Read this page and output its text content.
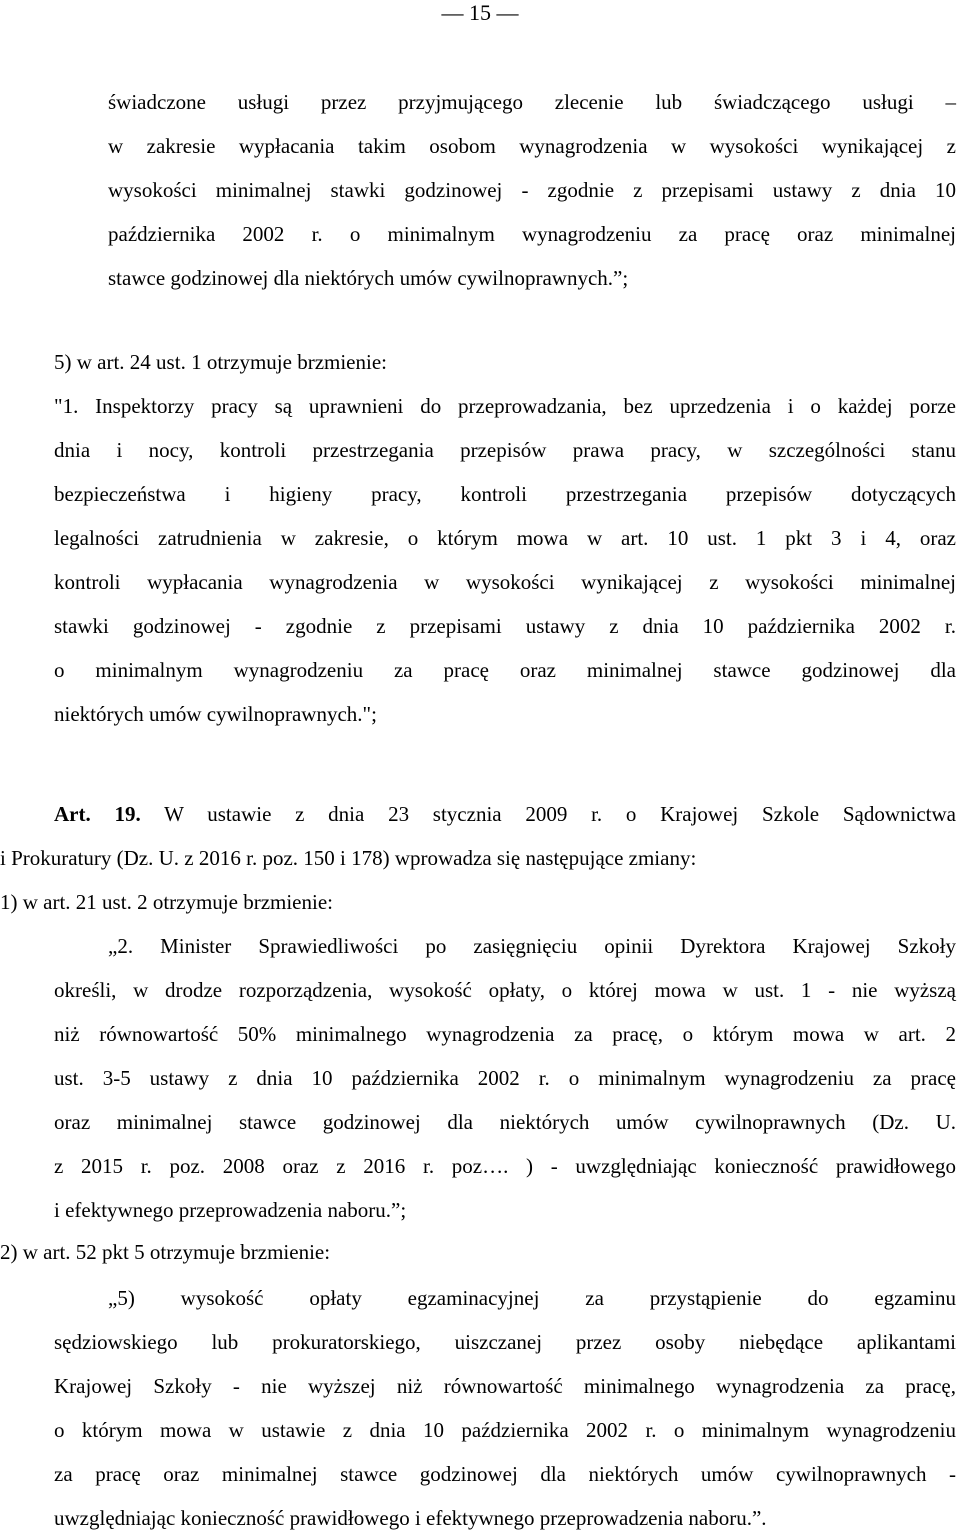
— 15 —
świadczone usługi przez przyjmującego zlecenie lub świadczącego usługi –
w zakresie wypłacania takim osobom wynagrodzenia w wysokości wynikającej z
wysokości minimalnej stawki godzinowej - zgodnie z przepisami ustawy z dnia 10
października 2002 r. o minimalnym wynagrodzeniu za pracę oraz minimalnej
stawce godzinowej dla niektórych umów cywilnoprawnych.”;
5) w art. 24 ust. 1 otrzymuje brzmienie:
"1. Inspektorzy pracy są uprawnieni do przeprowadzania, bez uprzedzenia i o każdej porze
dnia i nocy, kontroli przestrzegania przepisów prawa pracy, w szczególności stanu
bezpieczeństwa i higieny pracy, kontroli przestrzegania przepisów dotyczących
legalności zatrudnienia w zakresie, o którym mowa w art. 10 ust. 1 pkt 3 i 4, oraz
kontroli wypłacania wynagrodzenia w wysokości wynikającej z wysokości minimalnej
stawki godzinowej - zgodnie z przepisami ustawy z dnia 10 października 2002 r.
o minimalnym wynagrodzeniu za pracę oraz minimalnej stawce godzinowej dla
niektórych umów cywilnoprawnych.";
Art. 19. W ustawie z dnia 23 stycznia 2009 r. o Krajowej Szkole Sądownictwa
i Prokuratury (Dz. U. z 2016 r. poz. 150 i 178) wprowadza się następujące zmiany:
1) w art. 21 ust. 2 otrzymuje brzmienie:
„2. Minister Sprawiedliwości po zasięgnięciu opinii Dyrektora Krajowej Szkoły
określi, w drodze rozporządzenia, wysokość opłaty, o której mowa w ust. 1 - nie wyższą
niż równowartość 50% minimalnego wynagrodzenia za pracę, o którym mowa w art. 2
ust. 3-5 ustawy z dnia 10 października 2002 r. o minimalnym wynagrodzeniu za pracę
oraz minimalnej stawce godzinowej dla niektórych umów cywilnoprawnych (Dz. U.
z 2015 r. poz. 2008 oraz z 2016 r. poz…. ) - uwzględniając konieczność prawidłowego
i efektywnego przeprowadzenia naboru.”;
2) w art. 52 pkt 5 otrzymuje brzmienie:
„5) wysokość opłaty egzaminacyjnej za przystąpienie do egzaminu
sędziowskiego lub prokuratorskiego, uiszczanej przez osoby niebędące aplikantami
Krajowej Szkoły - nie wyższej niż równowartość minimalnego wynagrodzenia za pracę,
o którym mowa w ustawie z dnia 10 października 2002 r. o minimalnym wynagrodzeniu
za pracę oraz minimalnej stawce godzinowej dla niektórych umów cywilnoprawnych -
uwzględniając konieczność prawidłowego i efektywnego przeprowadzenia naboru.”.
